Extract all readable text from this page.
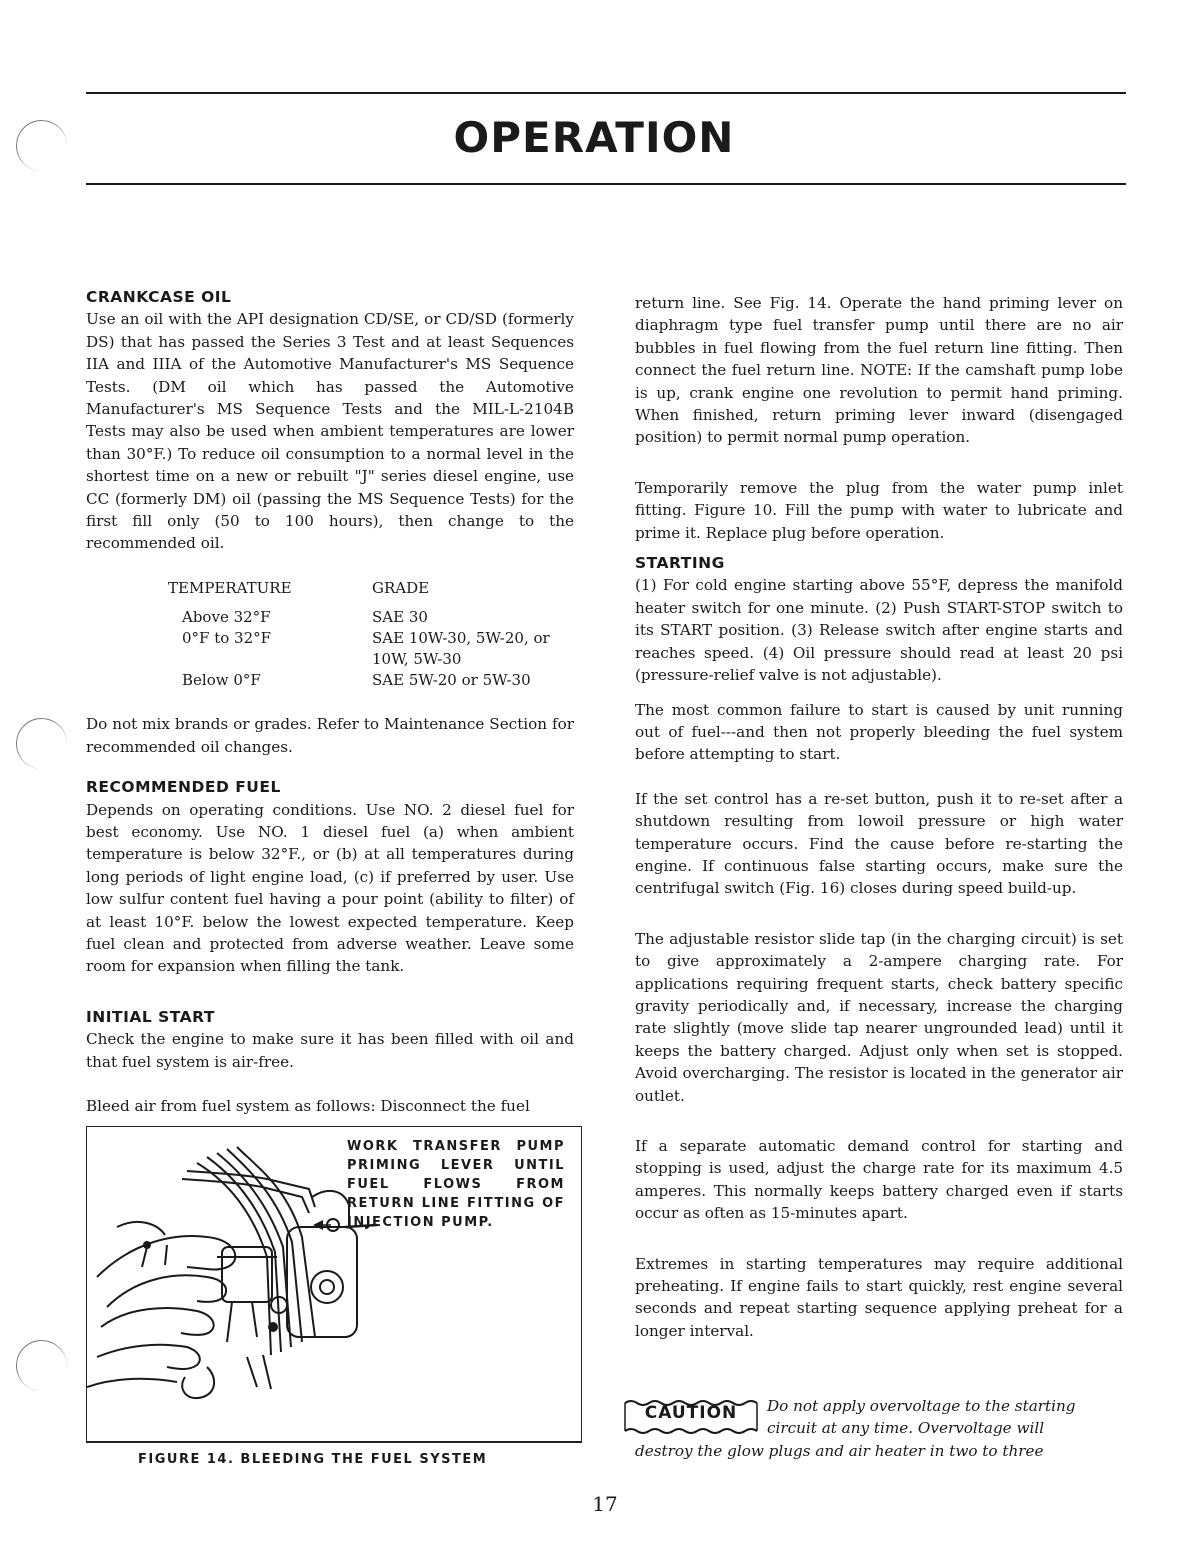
OPERATION
CRANKCASE OIL

Use an oil with the API designation CD/SE, or CD/SD (formerly DS) that has passed the Series 3 Test and at least Sequences IIA and IIIA of the Automotive Manufacturer's MS Sequence Tests. (DM oil which has passed the Automotive Manufacturer's MS Sequence Tests and the MIL-L-2104B Tests may also be used when ambient temperatures are lower than 30°F.) To reduce oil consumption to a normal level in the shortest time on a new or rebuilt "J" series diesel engine, use CC (formerly DM) oil (passing the MS Sequence Tests) for the first fill only (50 to 100 hours), then change to the recommended oil.

TEMPERATURE	GRADE
Above 32°F	SAE 30
0°F to 32°F	SAE 10W-30, 5W-20, or 10W, 5W-30
Below 0°F	SAE 5W-20 or 5W-30

Do not mix brands or grades. Refer to Maintenance Section for recommended oil changes.

RECOMMENDED FUEL

Depends on operating conditions. Use NO. 2 diesel fuel for best economy. Use NO. 1 diesel fuel (a) when ambient temperature is below 32°F., or (b) at all temperatures during long periods of light engine load, (c) if preferred by user. Use low sulfur content fuel having a pour point (ability to filter) of at least 10°F. below the lowest expected temperature. Keep fuel clean and protected from adverse weather. Leave some room for expansion when filling the tank.

INITIAL START

Check the engine to make sure it has been filled with oil and that fuel system is air-free.

Bleed air from fuel system as follows: Disconnect the fuel

WORK TRANSFER PUMP PRIMING LEVER UNTIL FUEL FLOWS FROM RETURN LINE FITTING OF INJECTION PUMP.
FIGURE 14. BLEEDING THE FUEL SYSTEM

return line. See Fig. 14. Operate the hand priming lever on diaphragm type fuel transfer pump until there are no air bubbles in fuel flowing from the fuel return line fitting. Then connect the fuel return line. NOTE: If the camshaft pump lobe is up, crank engine one revolution to permit hand priming. When finished, return priming lever inward (disengaged position) to permit normal pump operation.

Temporarily remove the plug from the water pump inlet fitting. Figure 10. Fill the pump with water to lubricate and prime it. Replace plug before operation.

STARTING

(1) For cold engine starting above 55°F, depress the manifold heater switch for one minute. (2) Push START-STOP switch to its START position. (3) Release switch after engine starts and reaches speed. (4) Oil pressure should read at least 20 psi (pressure-relief valve is not adjustable).

The most common failure to start is caused by unit running out of fuel---and then not properly bleeding the fuel system before attempting to start.

If the set control has a re-set button, push it to re-set after a shutdown resulting from lowoil pressure or high water temperature occurs. Find the cause before re-starting the engine. If continuous false starting occurs, make sure the centrifugal switch (Fig. 16) closes during speed build-up.

The adjustable resistor slide tap (in the charging circuit) is set to give approximately a 2-ampere charging rate. For applications requiring frequent starts, check battery specific gravity periodically and, if necessary, increase the charging rate slightly (move slide tap nearer ungrounded lead) until it keeps the battery charged. Adjust only when set is stopped. Avoid overcharging. The resistor is located in the generator air outlet.

If a separate automatic demand control for starting and stopping is used, adjust the charge rate for its maximum 4.5 amperes. This normally keeps battery charged even if starts occur as often as 15-minutes apart.

Extremes in starting temperatures may require additional preheating. If engine fails to start quickly, rest engine several seconds and repeat starting sequence applying preheat for a longer interval.

CAUTION	Do not apply overvoltage to the starting
circuit at any time. Overvoltage will
destroy the glow plugs and air heater in two to three
17
